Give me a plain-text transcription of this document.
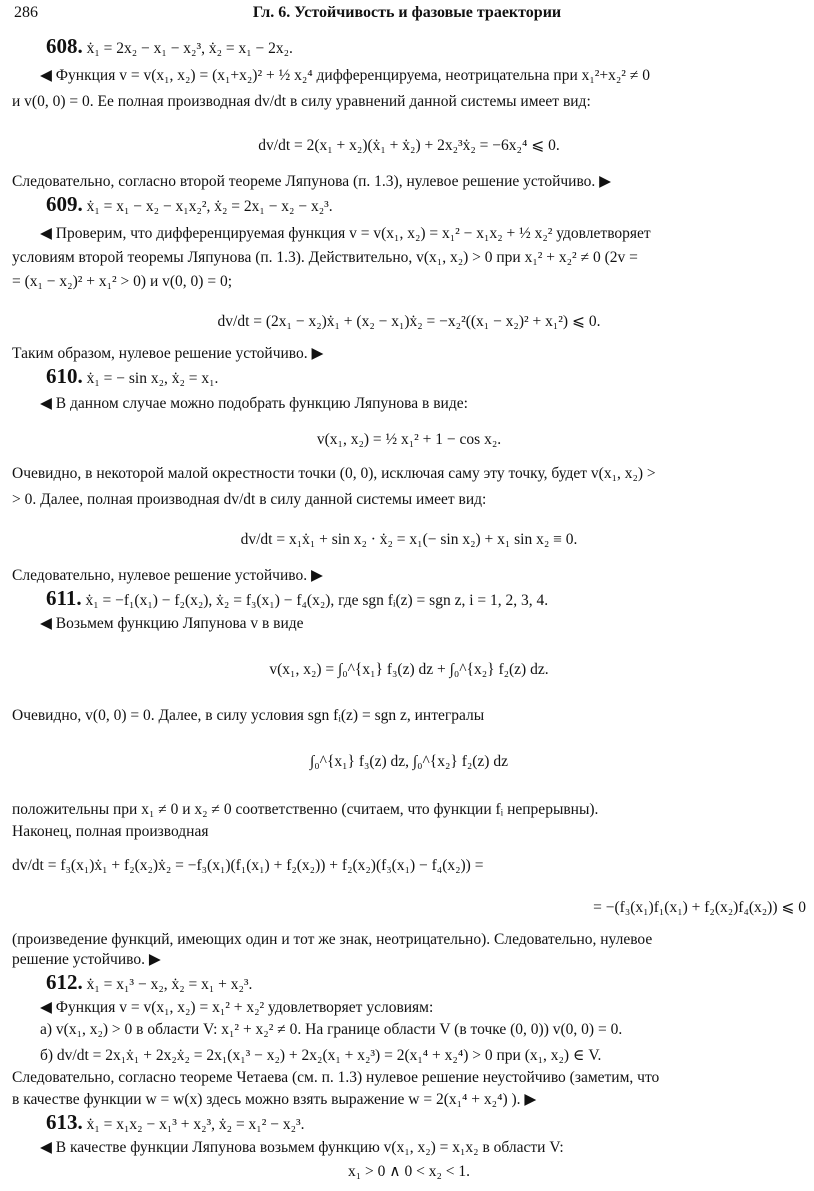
286	Гл. 6. Устойчивость и фазовые траектории
608. ẋ₁ = 2x₂ − x₁ − x₂³, ẋ₂ = x₁ − 2x₂.
◀ Функция v = v(x₁, x₂) = (x₁+x₂)² + ½ x₂⁴ дифференцируема, неотрицательна при x₁²+x₂² ≠ 0
и v(0, 0) = 0. Ее полная производная dv/dt в силу уравнений данной системы имеет вид:
dv/dt = 2(x₁ + x₂)(ẋ₁ + ẋ₂) + 2x₂³ẋ₂ = −6x₂⁴ ⩽ 0.
Следовательно, согласно второй теореме Ляпунова (п. 1.3), нулевое решение устойчиво. ▶
609. ẋ₁ = x₁ − x₂ − x₁x₂², ẋ₂ = 2x₁ − x₂ − x₂³.
◀ Проверим, что дифференцируемая функция v = v(x₁, x₂) = x₁² − x₁x₂ + ½ x₂² удовлетворяет
условиям второй теоремы Ляпунова (п. 1.3). Действительно, v(x₁, x₂) > 0 при x₁² + x₂² ≠ 0 (2v =
= (x₁ − x₂)² + x₁² > 0) и v(0, 0) = 0;
dv/dt = (2x₁ − x₂)ẋ₁ + (x₂ − x₁)ẋ₂ = −x₂²((x₁ − x₂)² + x₁²) ⩽ 0.
Таким образом, нулевое решение устойчиво. ▶
610. ẋ₁ = − sin x₂, ẋ₂ = x₁.
◀ В данном случае можно подобрать функцию Ляпунова в виде:
v(x₁, x₂) = ½ x₁² + 1 − cos x₂.
Очевидно, в некоторой малой окрестности точки (0, 0), исключая саму эту точку, будет v(x₁, x₂) >
> 0. Далее, полная производная dv/dt в силу данной системы имеет вид:
dv/dt = x₁ẋ₁ + sin x₂ · ẋ₂ = x₁(− sin x₂) + x₁ sin x₂ ≡ 0.
Следовательно, нулевое решение устойчиво. ▶
611. ẋ₁ = −f₁(x₁) − f₂(x₂), ẋ₂ = f₃(x₁) − f₄(x₂), где sgn fᵢ(z) = sgn z, i = 1, 2, 3, 4.
◀ Возьмем функцию Ляпунова v в виде
v(x₁, x₂) = ∫₀^{x₁} f₃(z) dz + ∫₀^{x₂} f₂(z) dz.
Очевидно, v(0, 0) = 0. Далее, в силу условия sgn fᵢ(z) = sgn z, интегралы
∫₀^{x₁} f₃(z) dz, ∫₀^{x₂} f₂(z) dz
положительны при x₁ ≠ 0 и x₂ ≠ 0 соответственно (считаем, что функции fᵢ непрерывны).
Наконец, полная производная
dv/dt = f₃(x₁)ẋ₁ + f₂(x₂)ẋ₂ = −f₃(x₁)(f₁(x₁) + f₂(x₂)) + f₂(x₂)(f₃(x₁) − f₄(x₂)) =
= −(f₃(x₁)f₁(x₁) + f₂(x₂)f₄(x₂)) ⩽ 0
(произведение функций, имеющих один и тот же знак, неотрицательно). Следовательно, нулевое
решение устойчиво. ▶
612. ẋ₁ = x₁³ − x₂, ẋ₂ = x₁ + x₂³.
◀ Функция v = v(x₁, x₂) = x₁² + x₂² удовлетворяет условиям:
а) v(x₁, x₂) > 0 в области V: x₁² + x₂² ≠ 0. На границе области V (в точке (0, 0)) v(0, 0) = 0.
б) dv/dt = 2x₁ẋ₁ + 2x₂ẋ₂ = 2x₁(x₁³ − x₂) + 2x₂(x₁ + x₂³) = 2(x₁⁴ + x₂⁴) > 0 при (x₁, x₂) ∈ V.
Следовательно, согласно теореме Четаева (см. п. 1.3) нулевое решение неустойчиво (заметим, что
в качестве функции w = w(x) здесь можно взять выражение w = 2(x₁⁴ + x₂⁴) ). ▶
613. ẋ₁ = x₁x₂ − x₁³ + x₂³, ẋ₂ = x₁² − x₂³.
◀ В качестве функции Ляпунова возьмем функцию v(x₁, x₂) = x₁x₂ в области V:
x₁ > 0 ∧ 0 < x₂ < 1.
